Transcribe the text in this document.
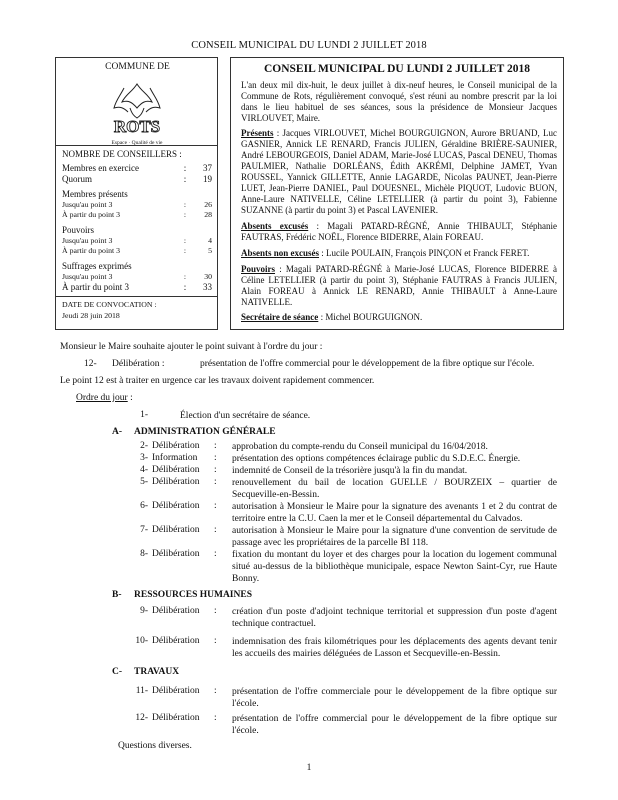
CONSEIL MUNICIPAL DU LUNDI 2 JUILLET 2018
COMMUNE DE
ROTS
Espace · Qualité de vie
NOMBRE DE CONSEILLERS :
Membres en exercice	:	37
Quorum	:	19
Membres présents
Jusqu'au point 3	:	26
À partir du point 3	:	28
Pouvoirs
Jusqu'au point 3	:	4
À partir du point 3	:	5
Suffrages exprimés
Jusqu'au point 3	:	30
À partir du point 3	:	33
DATE DE CONVOCATION :
Jeudi 28 juin 2018
CONSEIL MUNICIPAL DU LUNDI 2 JUILLET 2018
L'an deux mil dix-huit, le deux juillet à dix-neuf heures, le Conseil municipal de la Commune de Rots, régulièrement convoqué, s'est réuni au nombre prescrit par la loi dans le lieu habituel de ses séances, sous la présidence de Monsieur Jacques VIRLOUVET, Maire.
Présents : Jacques VIRLOUVET, Michel BOURGUIGNON, Aurore BRUAND, Luc GASNIER, Annick LE RENARD, Francis JULIEN, Géraldine BRIÈRE-SAUNIER, André LEBOURGEOIS, Daniel ADAM, Marie-José LUCAS, Pascal DENEU, Thomas PAULMIER, Nathalie DORLÉANS, Édith AKRÉMI, Delphine JAMET, Yvan ROUSSEL, Yannick GILLETTE, Annie LAGARDE, Nicolas PAUNET, Jean-Pierre LUET, Jean-Pierre DANIEL, Paul DOUESNEL, Michèle PIQUOT, Ludovic BUON, Anne-Laure NATIVELLE, Céline LETELLIER (à partir du point 3), Fabienne SUZANNE (à partir du point 3) et Pascal LAVENIER.
Absents excusés : Magali PATARD-RÉGNÉ, Annie THIBAULT, Stéphanie FAUTRAS, Frédéric NOËL, Florence BIDERRE, Alain FOREAU.
Absents non excusés : Lucile POULAIN, François PINÇON et Franck FERET.
Pouvoirs : Magali PATARD-RÉGNÉ à Marie-José LUCAS, Florence BIDERRE à Céline LETELLIER (à partir du point 3), Stéphanie FAUTRAS à Francis JULIEN, Alain FOREAU à Annick LE RENARD, Annie THIBAULT à Anne-Laure NATIVELLE.
Secrétaire de séance : Michel BOURGUIGNON.
Monsieur le Maire souhaite ajouter le point suivant à l'ordre du jour :
12- Délibération :	présentation de l'offre commercial pour le développement de la fibre optique sur l'école.
Le point 12 est à traiter en urgence car les travaux doivent rapidement commencer.
Ordre du jour :
1-	Élection d'un secrétaire de séance.
A- ADMINISTRATION GÉNÉRALE
2- Délibération : approbation du compte-rendu du Conseil municipal du 16/04/2018.
3- Information : présentation des options compétences éclairage public du S.D.E.C. Énergie.
4- Délibération : indemnité de Conseil de la trésorière jusqu'à la fin du mandat.
5- Délibération : renouvellement du bail de location GUELLE / BOURZEIX – quartier de Secqueville-en-Bessin.
6- Délibération : autorisation à Monsieur le Maire pour la signature des avenants 1 et 2 du contrat de territoire entre la C.U. Caen la mer et le Conseil départemental du Calvados.
7- Délibération : autorisation à Monsieur le Maire pour la signature d'une convention de servitude de passage avec les propriétaires de la parcelle BI 118.
8- Délibération : fixation du montant du loyer et des charges pour la location du logement communal situé au-dessus de la bibliothèque municipale, espace Newton Saint-Cyr, rue Haute Bonny.
B- RESSOURCES HUMAINES
9- Délibération : création d'un poste d'adjoint technique territorial et suppression d'un poste d'agent technique contractuel.
10- Délibération : indemnisation des frais kilométriques pour les déplacements des agents devant tenir les accueils des mairies déléguées de Lasson et Secqueville-en-Bessin.
C- TRAVAUX
11- Délibération : présentation de l'offre commerciale pour le développement de la fibre optique sur l'école.
12- Délibération : présentation de l'offre commercial pour le développement de la fibre optique sur l'école.
Questions diverses.
1
